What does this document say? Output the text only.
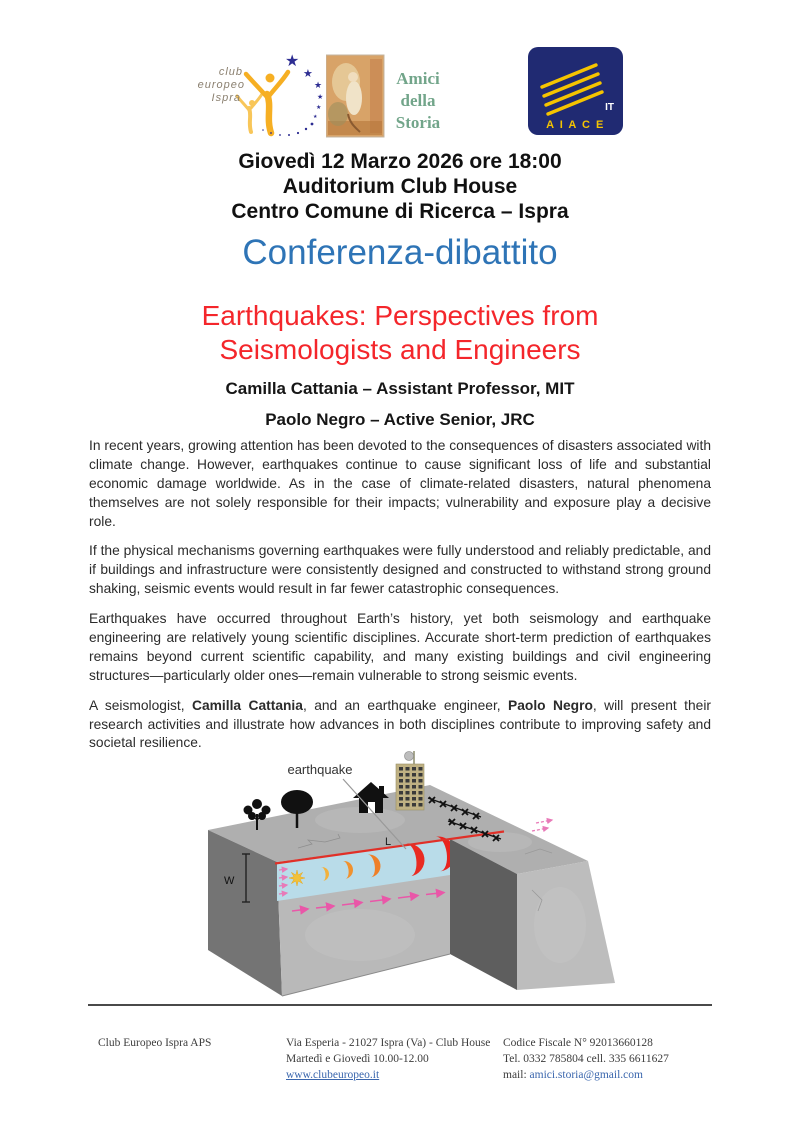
★
★
★
★
★
★
club
europeo
Ispra
Amici
della
Storia
IT
A I A C E
Giovedì 12 Marzo 2026 ore 18:00
Auditorium Club House
Centro Comune di Ricerca – Ispra
Conferenza-dibattito
Earthquakes: Perspectives from
Seismologists and Engineers
Camilla Cattania – Assistant Professor, MIT
Paolo Negro – Active Senior, JRC

In recent years, growing attention has been devoted to the consequences of disasters associated with climate change. However, earthquakes continue to cause significant loss of life and substantial economic damage worldwide. As in the case of climate-related disasters, natural phenomena themselves are not solely responsible for their impacts; vulnerability and exposure play a decisive role.

If the physical mechanisms governing earthquakes were fully understood and reliably predictable, and if buildings and infrastructure were consistently designed and constructed to withstand strong ground shaking, seismic events would result in far fewer catastrophic consequences.

Earthquakes have occurred throughout Earth’s history, yet both seismology and earthquake engineering are relatively young scientific disciplines. Accurate short-term prediction of earthquakes remains beyond current scientific capability, and many existing buildings and civil engineering structures—particularly older ones—remain vulnerable to strong seismic events.

A seismologist, Camilla Cattania, and an earthquake engineer, Paolo Negro, will present their research activities and illustrate how advances in both disciplines contribute to improving safety and societal resilience.

L
W
earthquake
Club Europeo Ispra APS	Via Esperia - 21027 Ispra (Va) - Club House
Martedì e Giovedì 10.00-12.00
www.clubeuropeo.it
Codice Fiscale N° 92013660128
Tel. 0332 785804 cell. 335 6611627
mail: amici.storia@gmail.com
